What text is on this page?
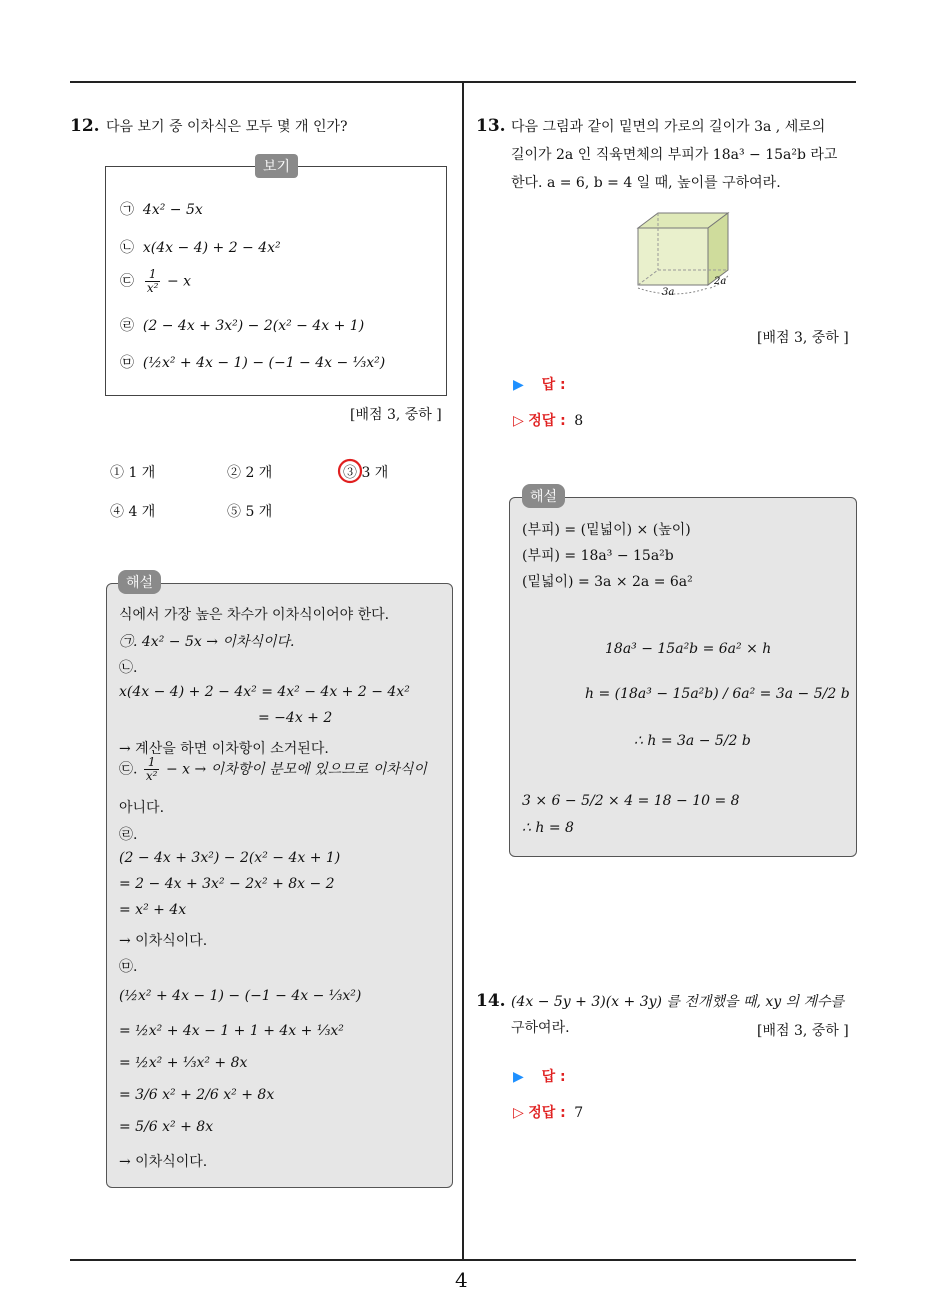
4
12. 다음 보기 중 이차식은 모두 몇 개 인가?
보기
㉠ 4x² − 5x
㉡ x(4x − 4) + 2 − 4x²
㉢ $\frac{1}{\text{x²}} - x$
㉣ (2 − 4x + 3x²) − 2(x² − 4x + 1)
㉤ (½x² + 4x − 1) − (−1 − 4x − ⅓x²)
[배점 3, 중하 ]
① 1 개	② 2 개	③ 3 개
④ 4 개	⑤ 5 개
해설
식에서 가장 높은 차수가 이차식이어야 한다.
㉠. 4x² − 5x → 이차식이다.
㉡.
x(4x − 4) + 2 − 4x² = 4x² − 4x + 2 − 4x²
= −4x + 2
→ 계산을 하면 이차항이 소거된다.
㉢. $\frac{1}{\text{x²}} - x$ → 이차항이 분모에 있으므로 이차식이
아니다.
㉣.
(2 − 4x + 3x²) − 2(x² − 4x + 1)
= 2 − 4x + 3x² − 2x² + 8x − 2
= x² + 4x
→ 이차식이다.
㉤.
(½x² + 4x − 1) − (−1 − 4x − ⅓x²)
= ½x² + 4x − 1 + 1 + 4x + ⅓x²
= ½x² + ⅓x² + 8x
= 3/6 x² + 2/6 x² + 8x
= 5/6 x² + 8x
→ 이차식이다.
13. 다음 그림과 같이 밑면의 가로의 길이가 3a , 세로의
길이가 2a 인 직육면체의 부피가 18a³ − 15a²b 라고
한다. a = 6, b = 4 일 때, 높이를 구하여라.
3a
2a
[배점 3, 중하 ]
▶ 답 :
▷ 정답 : 8
해설
(부피) = (밑넓이) × (높이)
(부피) = 18a³ − 15a²b
(밑넓이) = 3a × 2a = 6a²
18a³ − 15a²b = 6a² × h
h = (18a³ − 15a²b) / 6a² = 3a − 5/2 b
∴ h = 3a − 5/2 b
3 × 6 − 5/2 × 4 = 18 − 10 = 8
∴ h = 8
14. (4x − 5y + 3)(x + 3y) 를 전개했을 때, xy 의 계수를
구하여라.	[배점 3, 중하 ]
▶ 답 :
▷ 정답 : 7
